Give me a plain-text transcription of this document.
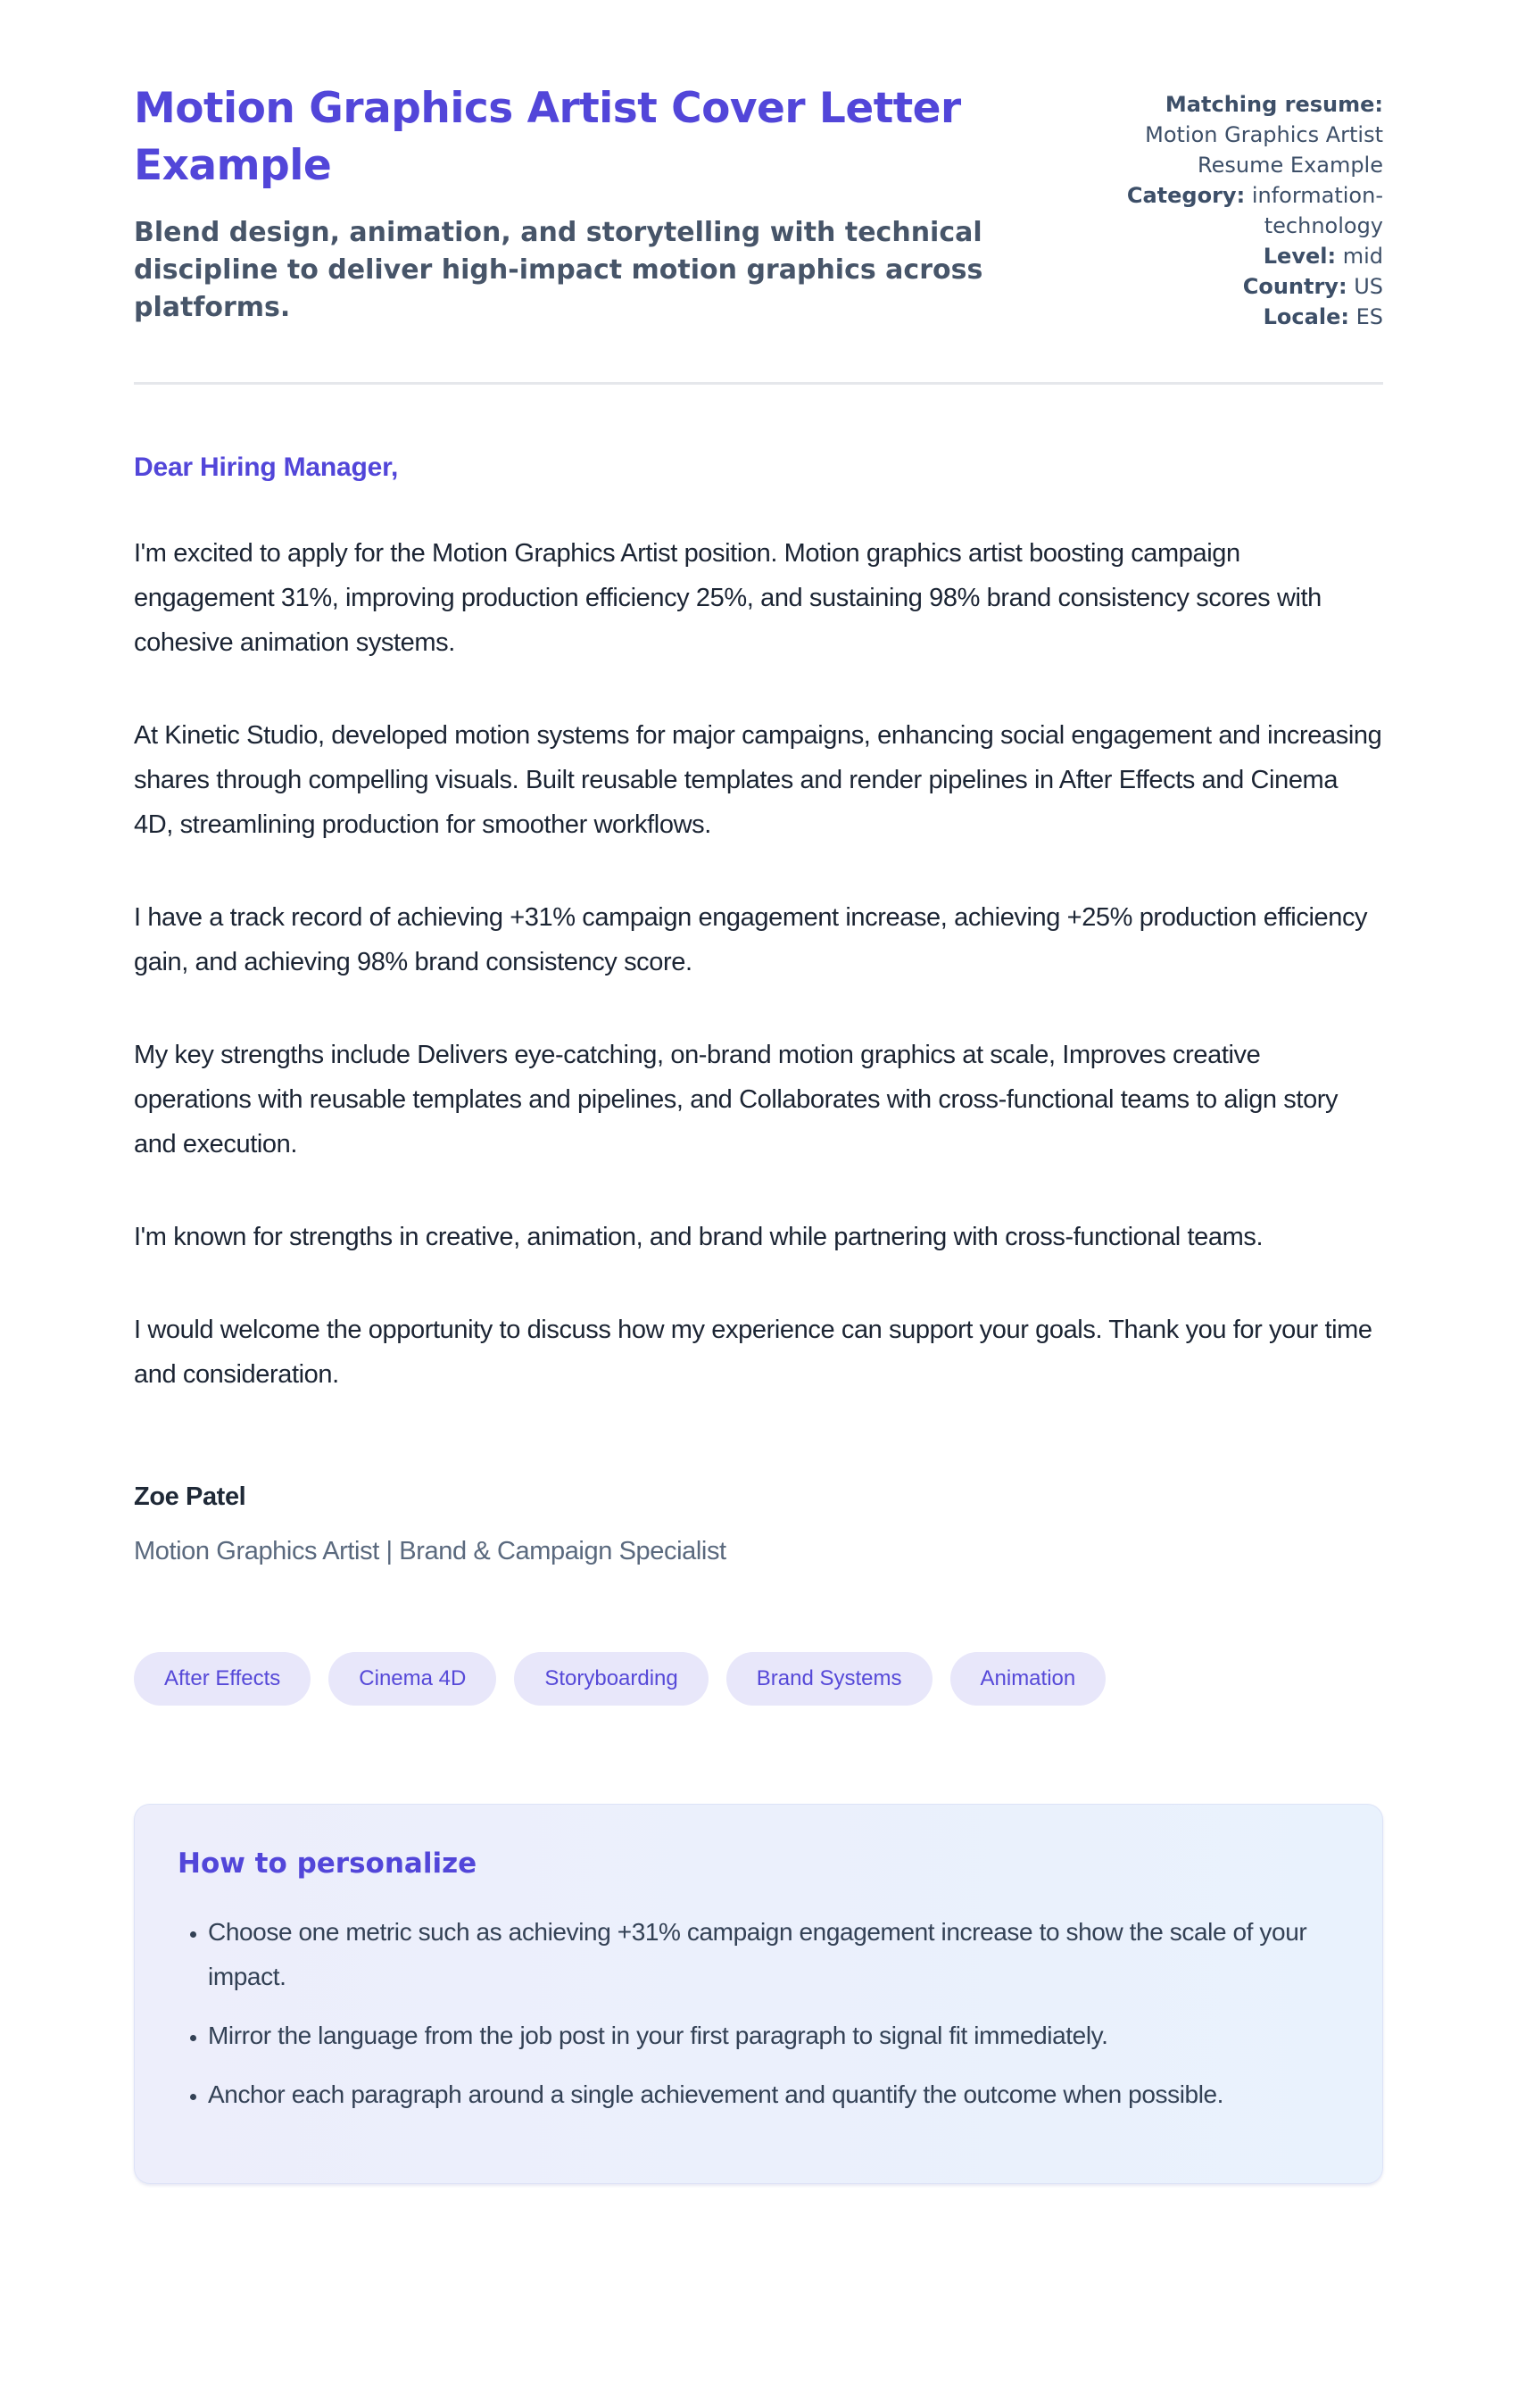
Motion Graphics Artist Cover Letter Example
Blend design, animation, and storytelling with technical discipline to deliver high-impact motion graphics across platforms.
Matching resume:
Motion Graphics Artist Resume Example
Category: information-technology
Level: mid
Country: US
Locale: ES
Dear Hiring Manager,

I'm excited to apply for the Motion Graphics Artist position. Motion graphics artist boosting campaign engagement 31%, improving production efficiency 25%, and sustaining 98% brand consistency scores with cohesive animation systems.

At Kinetic Studio, developed motion systems for major campaigns, enhancing social engagement and increasing shares through compelling visuals. Built reusable templates and render pipelines in After Effects and Cinema 4D, streamlining production for smoother workflows.

I have a track record of achieving +31% campaign engagement increase, achieving +25% production efficiency gain, and achieving 98% brand consistency score.

My key strengths include Delivers eye-catching, on-brand motion graphics at scale, Improves creative operations with reusable templates and pipelines, and Collaborates with cross-functional teams to align story and execution.

I'm known for strengths in creative, animation, and brand while partnering with cross-functional teams.

I would welcome the opportunity to discuss how my experience can support your goals. Thank you for your time and consideration.

Zoe Patel
Motion Graphics Artist | Brand & Campaign Specialist
After Effects	Cinema 4D	Storyboarding	Brand Systems	Animation
How to personalize
• Choose one metric such as achieving +31% campaign engagement increase to show the scale of your impact.
• Mirror the language from the job post in your first paragraph to signal fit immediately.
• Anchor each paragraph around a single achievement and quantify the outcome when possible.
